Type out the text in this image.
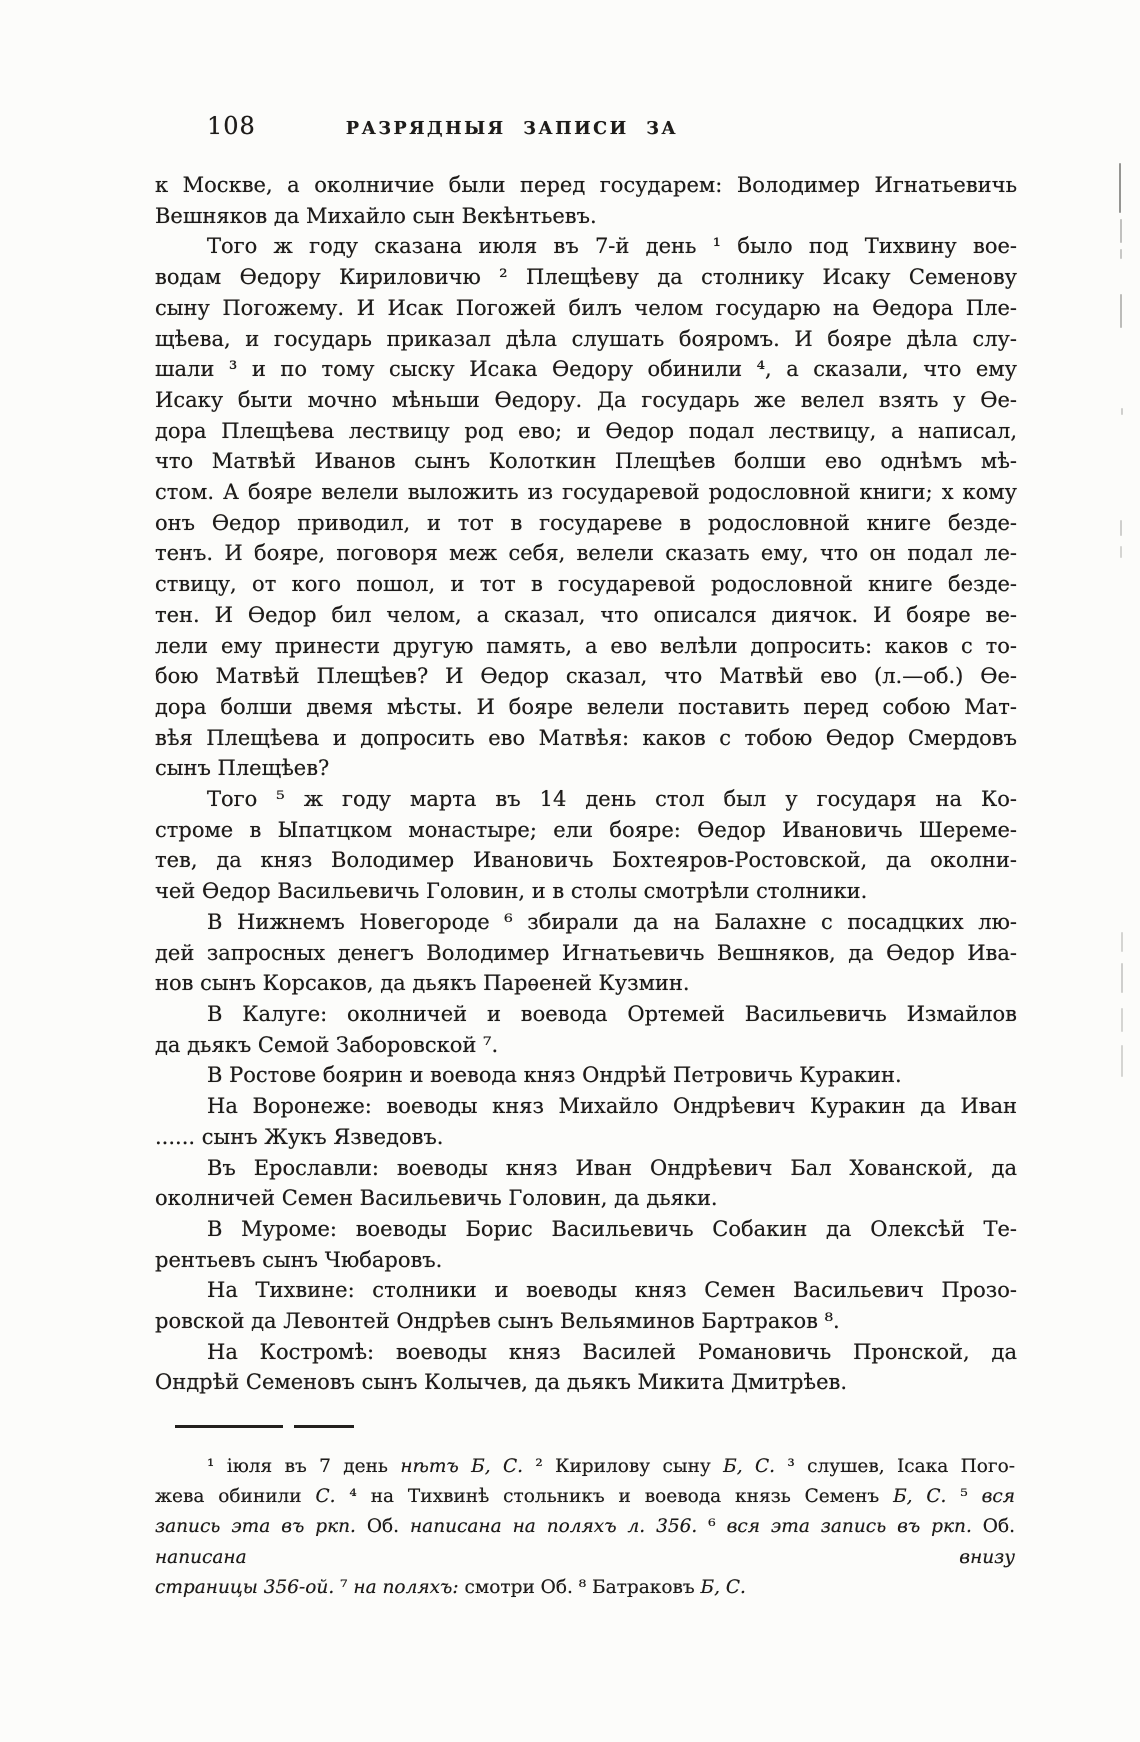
108	РАЗРЯДНЫЯ ЗАПИСИ ЗА
к Москве, а околничие были перед государем: Володимер Игнатьевичь
Вешняков да Михайло сын Векѣнтьевъ.
Того ж году сказана июля въ 7-й день ¹ было под Тихвину вое-
водам Ѳедору Кириловичю ² Плещѣеву да столнику Исаку Семенову
сыну Погожему. И Исак Погожей билъ челом государю на Ѳедора Пле-
щѣева, и государь приказал дѣла слушать бояромъ. И бояре дѣла слу-
шали ³ и по тому сыску Исака Ѳедору обинили ⁴, а сказали, что ему
Исаку быти мочно мѣньши Ѳедору. Да государь же велел взять у Ѳе-
дора Плещѣева лествицу род ево; и Ѳедор подал лествицу, а написал,
что Матвѣй Иванов сынъ Колоткин Плещѣев болши ево однѣмъ мѣ-
стом. А бояре велели выложить из государевой родословной книги; х кому
онъ Ѳедор приводил, и тот в государеве в родословной книге безде-
тенъ. И бояре, поговоря меж себя, велели сказать ему, что он подал ле-
ствицу, от кого пошол, и тот в государевой родословной книге безде-
тен. И Ѳедор бил челом, а сказал, что описался диячок. И бояре ве-
лели ему принести другую память, а ево велѣли допросить: каков с то-
бою Матвѣй Плещѣев? И Ѳедор сказал, что Матвѣй ево (л.—об.) Ѳе-
дора болши двемя мѣсты. И бояре велели поставить перед собою Мат-
вѣя Плещѣева и допросить ево Матвѣя: каков с тобою Ѳедор Смердовъ
сынъ Плещѣев?
Того ⁵ ж году марта въ 14 день стол был у государя на Ко-
строме в Ыпатцком монастыре; ели бояре: Ѳедор Ивановичь Шереме-
тев, да княз Володимер Ивановичь Бохтеяров-Ростовской, да околни-
чей Ѳедор Васильевичь Головин, и в столы смотрѣли столники.
В Нижнемъ Новегороде ⁶ збирали да на Балахне с посадцких лю-
дей запросных денегъ Володимер Игнатьевичь Вешняков, да Ѳедор Ива-
нов сынъ Корсаков, да дьякъ Парѳеней Кузмин.
В Калуге: околничей и воевода Ортемей Васильевичь Измайлов
да дьякъ Семой Заборовской ⁷.
В Ростове боярин и воевода княз Ондрѣй Петровичь Куракин.
На Воронеже: воеводы княз Михайло Ондрѣевич Куракин да Иван
...... сынъ Жукъ Язведовъ.
Въ Ерославли: воеводы княз Иван Ондрѣевич Бал Хованской, да
околничей Семен Васильевичь Головин, да дьяки.
В Муроме: воеводы Борис Васильевичь Собакин да Олексѣй Те-
рентьевъ сынъ Чюбаровъ.
На Тихвине: столники и воеводы княз Семен Васильевич Прозо-
ровской да Левонтей Ондрѣев сынъ Вельяминов Бартраков ⁸.
На Костромѣ: воеводы княз Василей Романовичь Пронской, да
Ондрѣй Семеновъ сынъ Колычев, да дьякъ Микита Дмитрѣев.
¹ іюля въ 7 день нѣтъ Б, С. ² Кирилову сыну Б, С. ³ слушев, Ісака Пого-
жева обинили С. ⁴ на Тихвинѣ стольникъ и воевода князь Семенъ Б, С. ⁵ вся
запись эта въ ркп. Об. написана на поляхъ л. 356. ⁶ вся эта запись въ ркп. Об. написана внизу
страницы 356-ой. ⁷ на поляхъ: смотри Об. ⁸ Батраковъ Б, С.
